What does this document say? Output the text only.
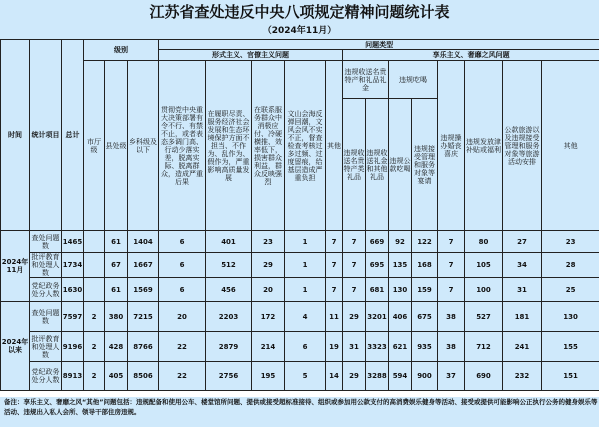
江苏省查处违反中央八项规定精神问题统计表
（2024年11月）
时间	统计项目	总计	级别			问题类型												
						形式主义、官僚主义问题					享乐主义、奢靡之风问题							
			市厅级	县处级	乡科级及以下	贯彻党中央重大决策部署有令不行、有禁不止，或者表态多调门高、行动少落实差，脱离实际、脱离群众，造成严重后果	在履职尽责、服务经济社会发展和生态环境保护方面不担当、不作为、乱作为、假作为，严重影响高质量发展	在联系服务群众中消极应付、冷硬横推、效率低下，损害群众利益，群众反映强烈	文山会海反弹回潮，文风会风不实不正，督查检查考核过多过频、过度留痕，给基层造成严重负担	其他	违规收送名贵特产和礼品礼金		违规吃喝		违规操办婚丧喜庆	违规发放津补贴或福利	公款旅游以及违规接受管理和服务对象等旅游活动安排	其他
											违规收送名贵特产类礼品	违规收送礼金和其他礼品	违规公款吃喝	违规接受管理和服务对象等宴请				
2024年11月	查处问题数	1465		61	1404	6	401	23	1	7	7	669	92	122	7	80	27	23
	批评教育和处理人数	1734		67	1667	6	512	29	1	7	7	695	135	168	7	105	34	28
	党纪政务处分人数	1630		61	1569	6	456	20	1	7	7	681	130	159	7	100	31	25
2024年以来	查处问题数	7597	2	380	7215	20	2203	172	4	11	29	3201	406	675	38	527	181	130
	批评教育和处理人数	9196	2	428	8766	22	2879	214	6	19	31	3323	621	935	38	712	241	155
	党纪政务处分人数	8913	2	405	8506	22	2756	195	5	14	29	3288	594	900	37	690	232	151
备注：享乐主义、奢靡之风“其他”问题包括：违规配备和使用公车、楼堂馆所问题、提供或接受超标准接待、组织或参加用公款支付的高消费娱乐健身等活动、接受或提供可能影响公正执行公务的健身娱乐等活动、违规出入私人会所、领导干部住房违规。
